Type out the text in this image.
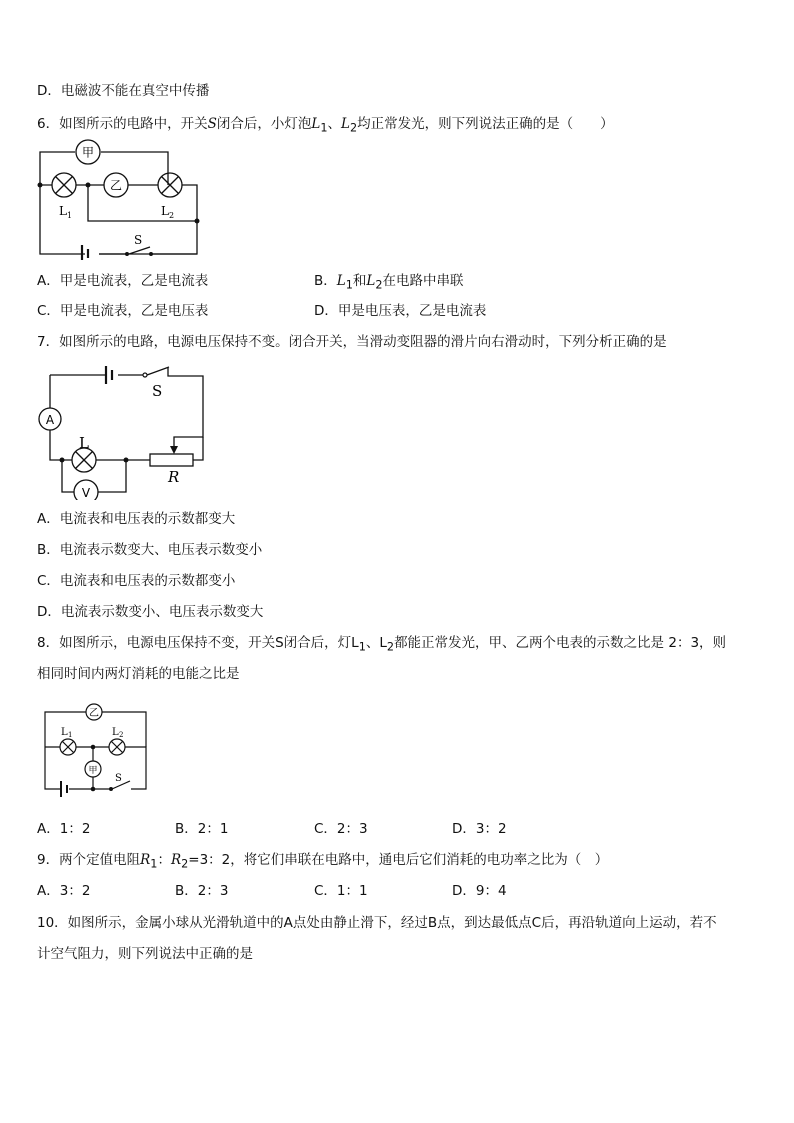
D．电磁波不能在真空中传播
6．如图所示的电路中，开关S闭合后，小灯泡$L_1$、$L_2$均正常发光，则下列说法正确的是（　　）
甲
乙
L 1	L 2
S
A．甲是电流表，乙是电流表	B．$L_1$和$L_2$在电路中串联
C．甲是电流表，乙是电压表	D．甲是电压表，乙是电流表
7．如图所示的电路，电源电压保持不变。闭合开关，当滑动变阻器的滑片向右滑动时，下列分析正确的是
S
A
V
L
R
A．电流表和电压表的示数都变大
B．电流表示数变大、电压表示数变小
C．电流表和电压表的示数都变小
D．电流表示数变小、电压表示数变大
8．如图所示，电源电压保持不变，开关S闭合后，灯$L_1$、$L_2$都能正常发光，甲、乙两个电表的示数之比是 2：3，则
相同时间内两灯消耗的电能之比是
乙
甲
L 1	L 2
S
A．1：2	B．2：1	C．2：3	D．3：2
9．两个定值电阻$R_1$：$R_2=3$：2，将它们串联在电路中，通电后它们消耗的电功率之比为（　）
A．3：2	B．2：3	C．1：1	D．9：4
10．如图所示，金属小球从光滑轨道中的A点处由静止滑下，经过B点，到达最低点C后，再沿轨道向上运动，若不
计空气阻力，则下列说法中正确的是
